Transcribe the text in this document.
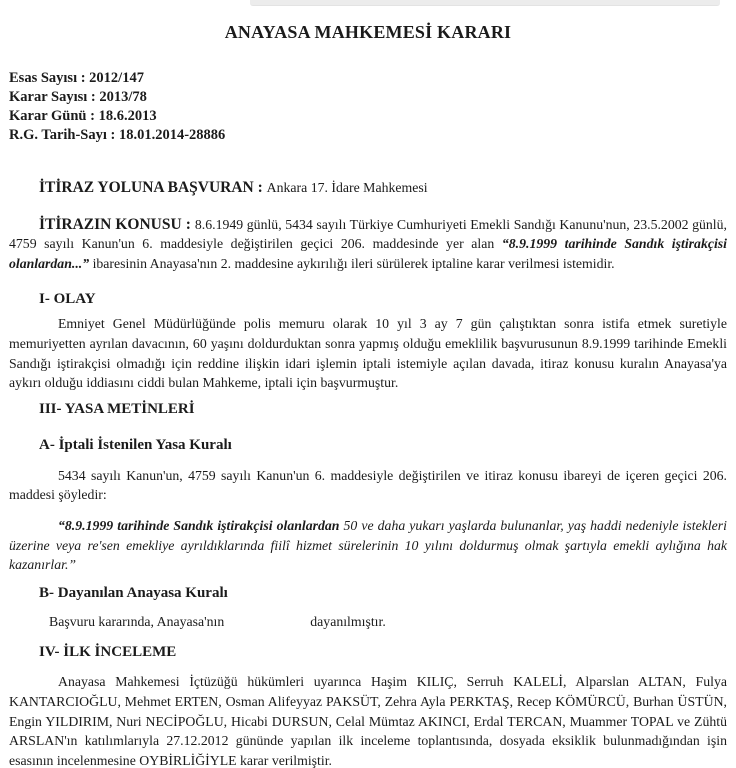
ANAYASA MAHKEMESİ KARARI
Esas Sayısı : 2012/147
Karar Sayısı : 2013/78
Karar Günü : 18.6.2013
R.G. Tarih-Sayı : 18.01.2014-28886

İTİRAZ YOLUNA BAŞVURAN : Ankara 17. İdare Mahkemesi

İTİRAZIN KONUSU : 8.6.1949 günlü, 5434 sayılı Türkiye Cumhuriyeti Emekli Sandığı Kanunu'nun, 23.5.2002 günlü, 4759 sayılı Kanun'un 6. maddesiyle değiştirilen geçici 206. maddesinde yer alan “8.9.1999 tarihinde Sandık iştirakçisi olanlardan...” ibaresinin Anayasa'nın 2. maddesine aykırılığı ileri sürülerek iptaline karar verilmesi istemidir.

I- OLAY

Emniyet Genel Müdürlüğünde polis memuru olarak 10 yıl 3 ay 7 gün çalıştıktan sonra istifa etmek suretiyle memuriyetten ayrılan davacının, 60 yaşını doldurduktan sonra yapmış olduğu emeklilik başvurusunun 8.9.1999 tarihinde Emekli Sandığı iştirakçisi olmadığı için reddine ilişkin idari işlemin iptali istemiyle açılan davada, itiraz konusu kuralın Anayasa'ya aykırı olduğu iddiasını ciddi bulan Mahkeme, iptali için başvurmuştur.

III- YASA METİNLERİ
A- İptali İstenilen Yasa Kuralı

5434 sayılı Kanun'un, 4759 sayılı Kanun'un 6. maddesiyle değiştirilen ve itiraz konusu ibareyi de içeren geçici 206. maddesi şöyledir:

“8.9.1999 tarihinde Sandık iştirakçisi olanlardan 50 ve daha yukarı yaşlarda bulunanlar, yaş haddi nedeniyle istekleri üzerine veya re'sen emekliye ayrıldıklarında fiilî hizmet sürelerinin 10 yılını doldurmuş olmak şartıyla emekli aylığına hak kazanırlar.”

B- Dayanılan Anayasa Kuralı

Başvuru kararında, Anayasa'nın	dayanılmıştır.

IV- İLK İNCELEME

Anayasa Mahkemesi İçtüzüğü hükümleri uyarınca Haşim KILIÇ, Serruh KALELİ, Alparslan ALTAN, Fulya KANTARCIOĞLU, Mehmet ERTEN, Osman Alifeyyaz PAKSÜT, Zehra Ayla PERKTAŞ, Recep KÖMÜRCÜ, Burhan ÜSTÜN, Engin YILDIRIM, Nuri NECİPOĞLU, Hicabi DURSUN, Celal Mümtaz AKINCI, Erdal TERCAN, Muammer TOPAL ve Zühtü ARSLAN'ın katılımlarıyla 27.12.2012 gününde yapılan ilk inceleme toplantısında, dosyada eksiklik bulunmadığından işin esasının incelenmesine OYBİRLİĞİYLE karar verilmiştir.
